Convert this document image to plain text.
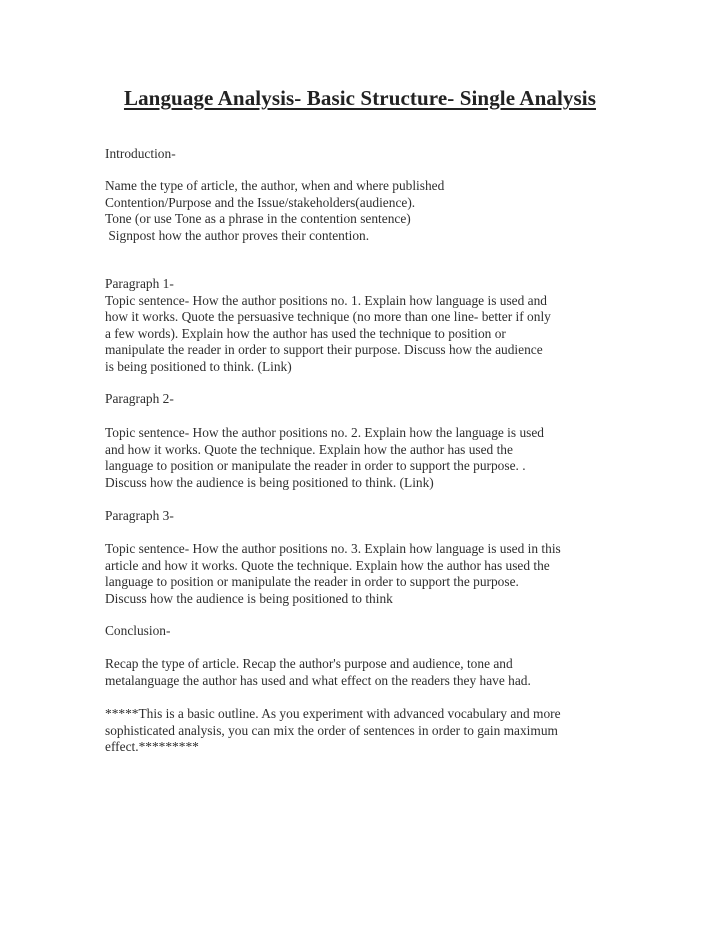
Language Analysis- Basic Structure- Single Analysis
Introduction-
Name the type of article, the author, when and where published
Contention/Purpose and the Issue/stakeholders(audience).
Tone (or use Tone as a phrase in the contention sentence)
Signpost how the author proves their contention.
Paragraph 1-
Topic sentence- How the author positions no. 1. Explain how language is used and
how it works. Quote the persuasive technique (no more than one line- better if only
a few words). Explain how the author has used the technique to position or
manipulate the reader in order to support their purpose. Discuss how the audience
is being positioned to think. (Link)
Paragraph 2-
Topic sentence- How the author positions no. 2. Explain how the language is used
and how it works. Quote the technique. Explain how the author has used the
language to position or manipulate the reader in order to support the purpose. .
Discuss how the audience is being positioned to think. (Link)
Paragraph 3-
Topic sentence- How the author positions no. 3. Explain how language is used in this
article and how it works. Quote the technique. Explain how the author has used the
language to position or manipulate the reader in order to support the purpose.
Discuss how the audience is being positioned to think
Conclusion-
Recap the type of article. Recap the author's purpose and audience, tone and
metalanguage the author has used and what effect on the readers they have had.
*****This is a basic outline. As you experiment with advanced vocabulary and more
sophisticated analysis, you can mix the order of sentences in order to gain maximum
effect.*********
